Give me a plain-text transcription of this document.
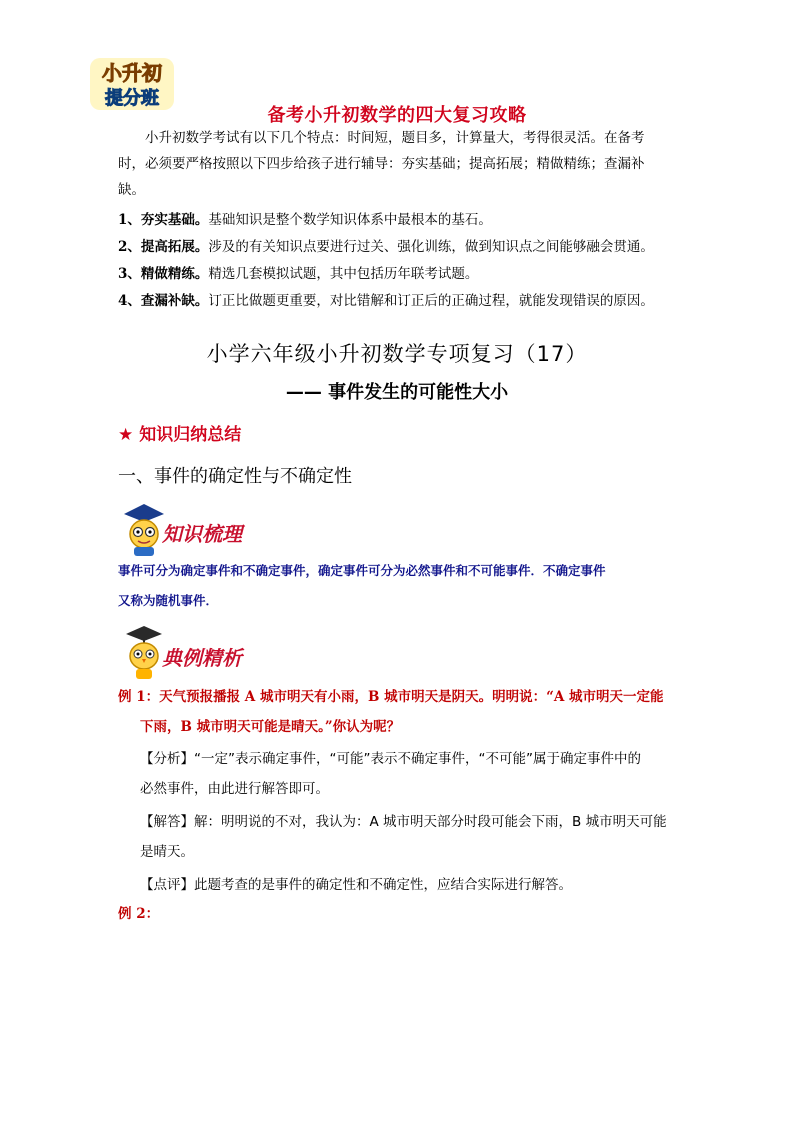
小升初
提分班
备考小升初数学的四大复习攻略
小升初数学考试有以下几个特点：时间短，题目多，计算量大，考得很灵活。在备考
时，必须要严格按照以下四步给孩子进行辅导：夯实基础；提高拓展；精做精练；查漏补
缺。
1、夯实基础。基础知识是整个数学知识体系中最根本的基石。
2、提高拓展。涉及的有关知识点要进行过关、强化训练，做到知识点之间能够融会贯通。
3、精做精练。精选几套模拟试题，其中包括历年联考试题。
4、查漏补缺。订正比做题更重要，对比错解和订正后的正确过程，就能发现错误的原因。
小学六年级小升初数学专项复习（17）
—— 事件发生的可能性大小
★ 知识归纳总结
一、事件的确定性与不确定性
知识梳理
事件可分为确定事件和不确定事件，确定事件可分为必然事件和不可能事件．不确定事件
又称为随机事件．
典例精析
例 1：天气预报播报 A 城市明天有小雨，B 城市明天是阴天。明明说：“A 城市明天一定能
下雨，B 城市明天可能是晴天。”你认为呢？
【分析】“一定”表示确定事件，“可能”表示不确定事件，“不可能”属于确定事件中的
必然事件，由此进行解答即可。
【解答】解：明明说的不对，我认为：A 城市明天部分时段可能会下雨，B 城市明天可能
是晴天。
【点评】此题考查的是事件的确定性和不确定性，应结合实际进行解答。
例 2：
